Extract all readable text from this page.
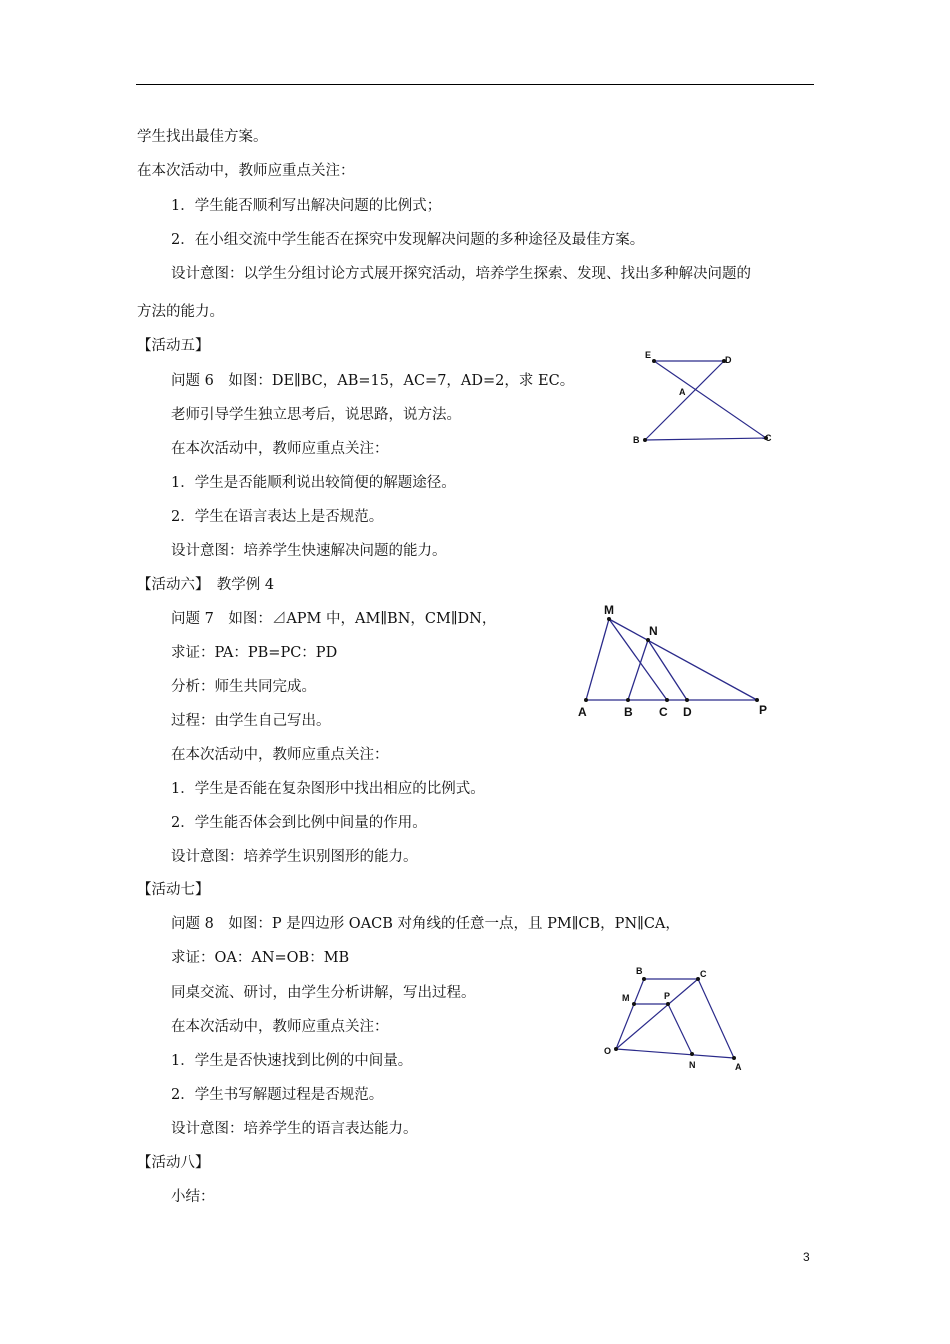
学生找出最佳方案。
在本次活动中，教师应重点关注：
1．学生能否顺利写出解决问题的比例式；
2．在小组交流中学生能否在探究中发现解决问题的多种途径及最佳方案。
设计意图：以学生分组讨论方式展开探究活动，培养学生探索、发现、找出多种解决问题的
方法的能力。
【活动五】
问题 6　如图：DE∥BC，AB=15，AC=7，AD=2，求 EC。
老师引导学生独立思考后，说思路，说方法。
在本次活动中，教师应重点关注：
1．学生是否能顺利说出较简便的解题途径。
2．学生在语言表达上是否规范。
设计意图：培养学生快速解决问题的能力。
【活动六】　教学例 4
问题 7　如图：⊿APM 中，AM∥BN，CM∥DN，
求证：PA：PB=PC：PD
分析：师生共同完成。
过程：由学生自己写出。
在本次活动中，教师应重点关注：
1．学生是否能在复杂图形中找出相应的比例式。
2．学生能否体会到比例中间量的作用。
设计意图：培养学生识别图形的能力。
【活动七】
问题 8　如图：P 是四边形 OACB 对角线的任意一点，且 PM∥CB，PN∥CA，
求证：OA：AN=OB：MB
同桌交流、研讨，由学生分析讲解，写出过程。
在本次活动中，教师应重点关注：
1．学生是否快速找到比例的中间量。
2．学生书写解题过程是否规范。
设计意图：培养学生的语言表达能力。
【活动八】
小结：
E	D
A
B	C
M
N
A	B C D	P
B	C
M	P
O
N	A
3
